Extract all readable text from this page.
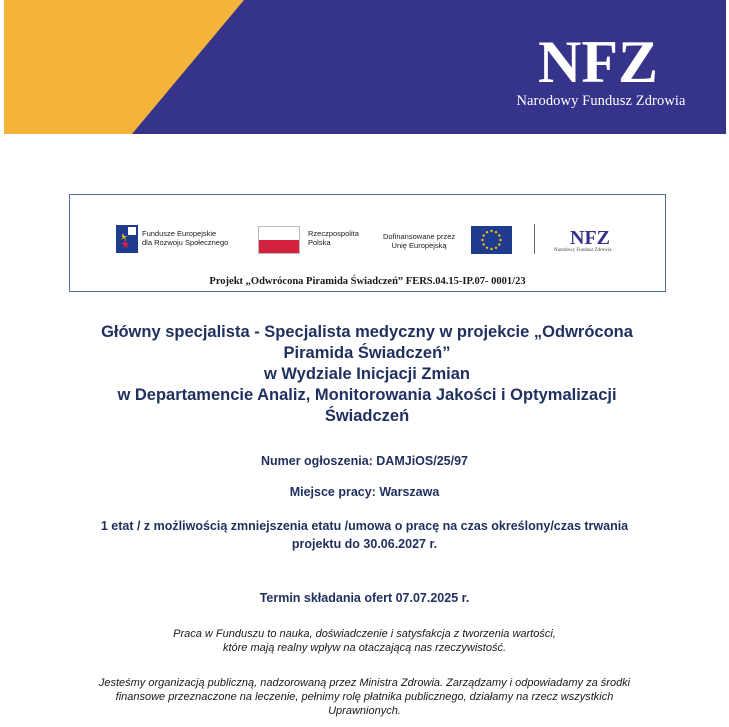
NFZ
Narodowy Fundusz Zdrowia
Fundusze Europejskie
dla Rozwoju Społecznego
Rzeczpospolita
Polska
Dofinansowane przez
Unię Europejską	NFZ
Narodowy Fundusz Zdrowia
Projekt „Odwrócona Piramida Świadczeń” FERS.04.15-IP.07- 0001/23
Główny specjalista - Specjalista medyczny w projekcie „Odwrócona
Piramida Świadczeń”
w Wydziale Inicjacji Zmian
w Departamencie Analiz, Monitorowania Jakości i Optymalizacji
Świadczeń
Numer ogłoszenia: DAMJiOS/25/97
Miejsce pracy: Warszawa
1 etat / z możliwością zmniejszenia etatu /umowa o pracę na czas określony/czas trwania
projektu do 30.06.2027 r.
Termin składania ofert 07.07.2025 r.
Praca w Funduszu to nauka, doświadczenie i satysfakcja z tworzenia wartości,
które mają realny wpływ na otaczającą nas rzeczywistość.
Jesteśmy organizacją publiczną, nadzorowaną przez Ministra Zdrowia. Zarządzamy i odpowiadamy za środki
finansowe przeznaczone na leczenie, pełnimy rolę płatnika publicznego, działamy na rzecz wszystkich
Uprawnionych.
